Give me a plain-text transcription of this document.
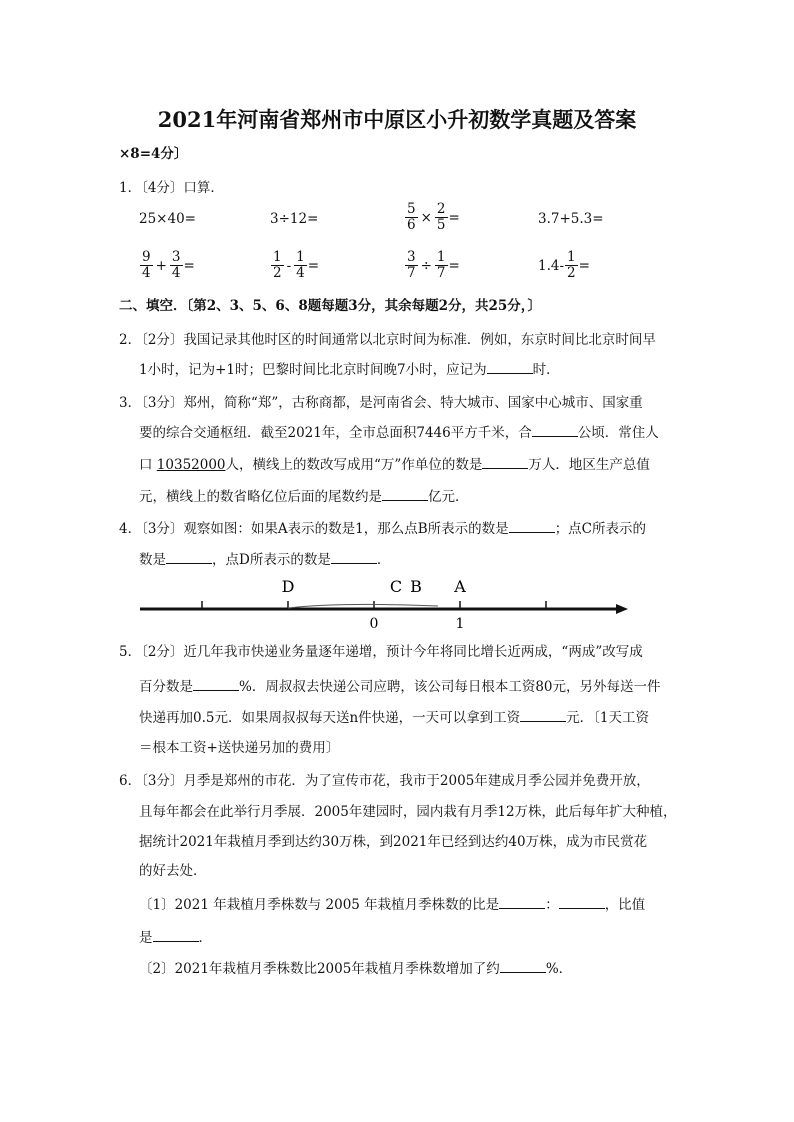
2021年河南省郑州市中原区小升初数学真题及答案
×8=4分〕
1．〔4分〕口算．
25×40=	3÷12=	$\frac{5}{6} \times \frac{2}{5}$ =	3.7+5.3=
$\frac{9}{4} + \frac{3}{4}$ =	$\frac{1}{2} - \frac{1}{4}$ =	$\frac{3}{7} \div \frac{1}{7}$ =	$1.4- \frac{1}{2}$ =
二、填空．〔第2、3、5、6、8题每题3分，其余每题2分，共25分，〕
2．〔2分〕我国记录其他时区的时间通常以北京时间为标准．例如，东京时间比北京时间早
1小时，记为+1时；巴黎时间比北京时间晚7小时，应记为	时．
3．〔3分〕郑州，简称“郑”，古称商都，是河南省会、特大城市、国家中心城市、国家重
要的综合交通枢纽．截至2021年，全市总面积7446平方千米，合	公顷．常住人
口 10352000人，横线上的数改写成用“万”作单位的数是	万人．地区生产总值
元，横线上的数省略亿位后面的尾数约是	亿元．
4．〔3分〕观察如图：如果A表示的数是1，那么点B所表示的数是	；点C所表示的
数是	，点D所表示的数是	．
D	C B A
0	1
5．〔2分〕近几年我市快递业务量逐年递增，预计今年将同比增长近两成，“两成”改写成
百分数是	%．周叔叔去快递公司应聘，该公司每日根本工资80元，另外每送一件
快递再加0.5元．如果周叔叔每天送n件快递，一天可以拿到工资	元．〔1天工资
＝根本工资+送快递另加的费用〕
6．〔3分〕月季是郑州的市花．为了宣传市花，我市于2005年建成月季公园并免费开放，
且每年都会在此举行月季展．2005年建园时，园内栽有月季12万株，此后每年扩大种植，
据统计2021年栽植月季到达约30万株，到2021年已经到达约40万株，成为市民赏花
的好去处．
〔1〕2021 年栽植月季株数与 2005 年栽植月季株数的比是	：	，比值
是	．
〔2〕2021年栽植月季株数比2005年栽植月季株数增加了约	%．
